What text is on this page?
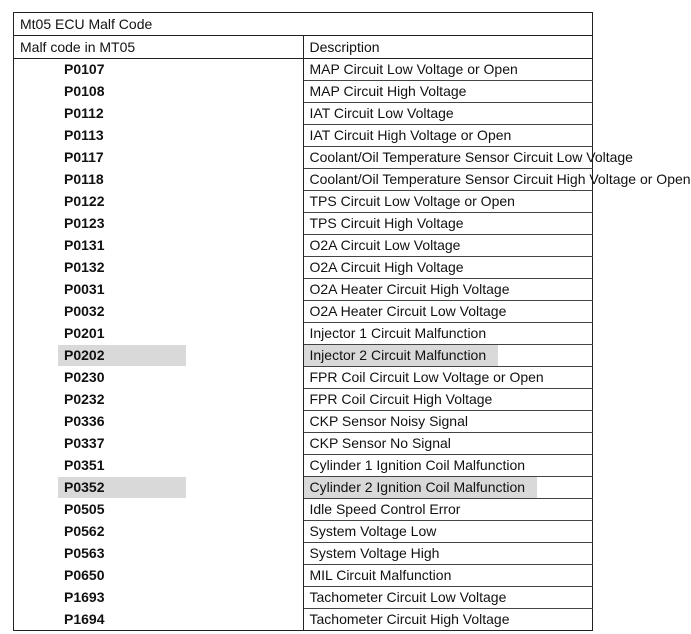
Mt05 ECU Malf Code	
Malf code in MT05	Description
P0107	MAP Circuit Low Voltage or Open
P0108	MAP Circuit High Voltage
P0112	IAT Circuit Low Voltage
P0113	IAT Circuit High Voltage or Open
P0117	Coolant/Oil Temperature Sensor Circuit Low Voltage
P0118	Coolant/Oil Temperature Sensor Circuit High Voltage or Open
P0122	TPS Circuit Low Voltage or Open
P0123	TPS Circuit High Voltage
P0131	O2A Circuit Low Voltage
P0132	O2A Circuit High Voltage
P0031	O2A Heater Circuit High Voltage
P0032	O2A Heater Circuit Low Voltage
P0201	Injector 1 Circuit Malfunction
P0202	Injector 2 Circuit Malfunction
P0230	FPR Coil Circuit Low Voltage or Open
P0232	FPR Coil Circuit High Voltage
P0336	CKP Sensor Noisy Signal
P0337	CKP Sensor No Signal
P0351	Cylinder 1 Ignition Coil Malfunction
P0352	Cylinder 2 Ignition Coil Malfunction
P0505	Idle Speed Control Error
P0562	System Voltage Low
P0563	System Voltage High
P0650	MIL Circuit Malfunction
P1693	Tachometer Circuit Low Voltage
P1694	Tachometer Circuit High Voltage
